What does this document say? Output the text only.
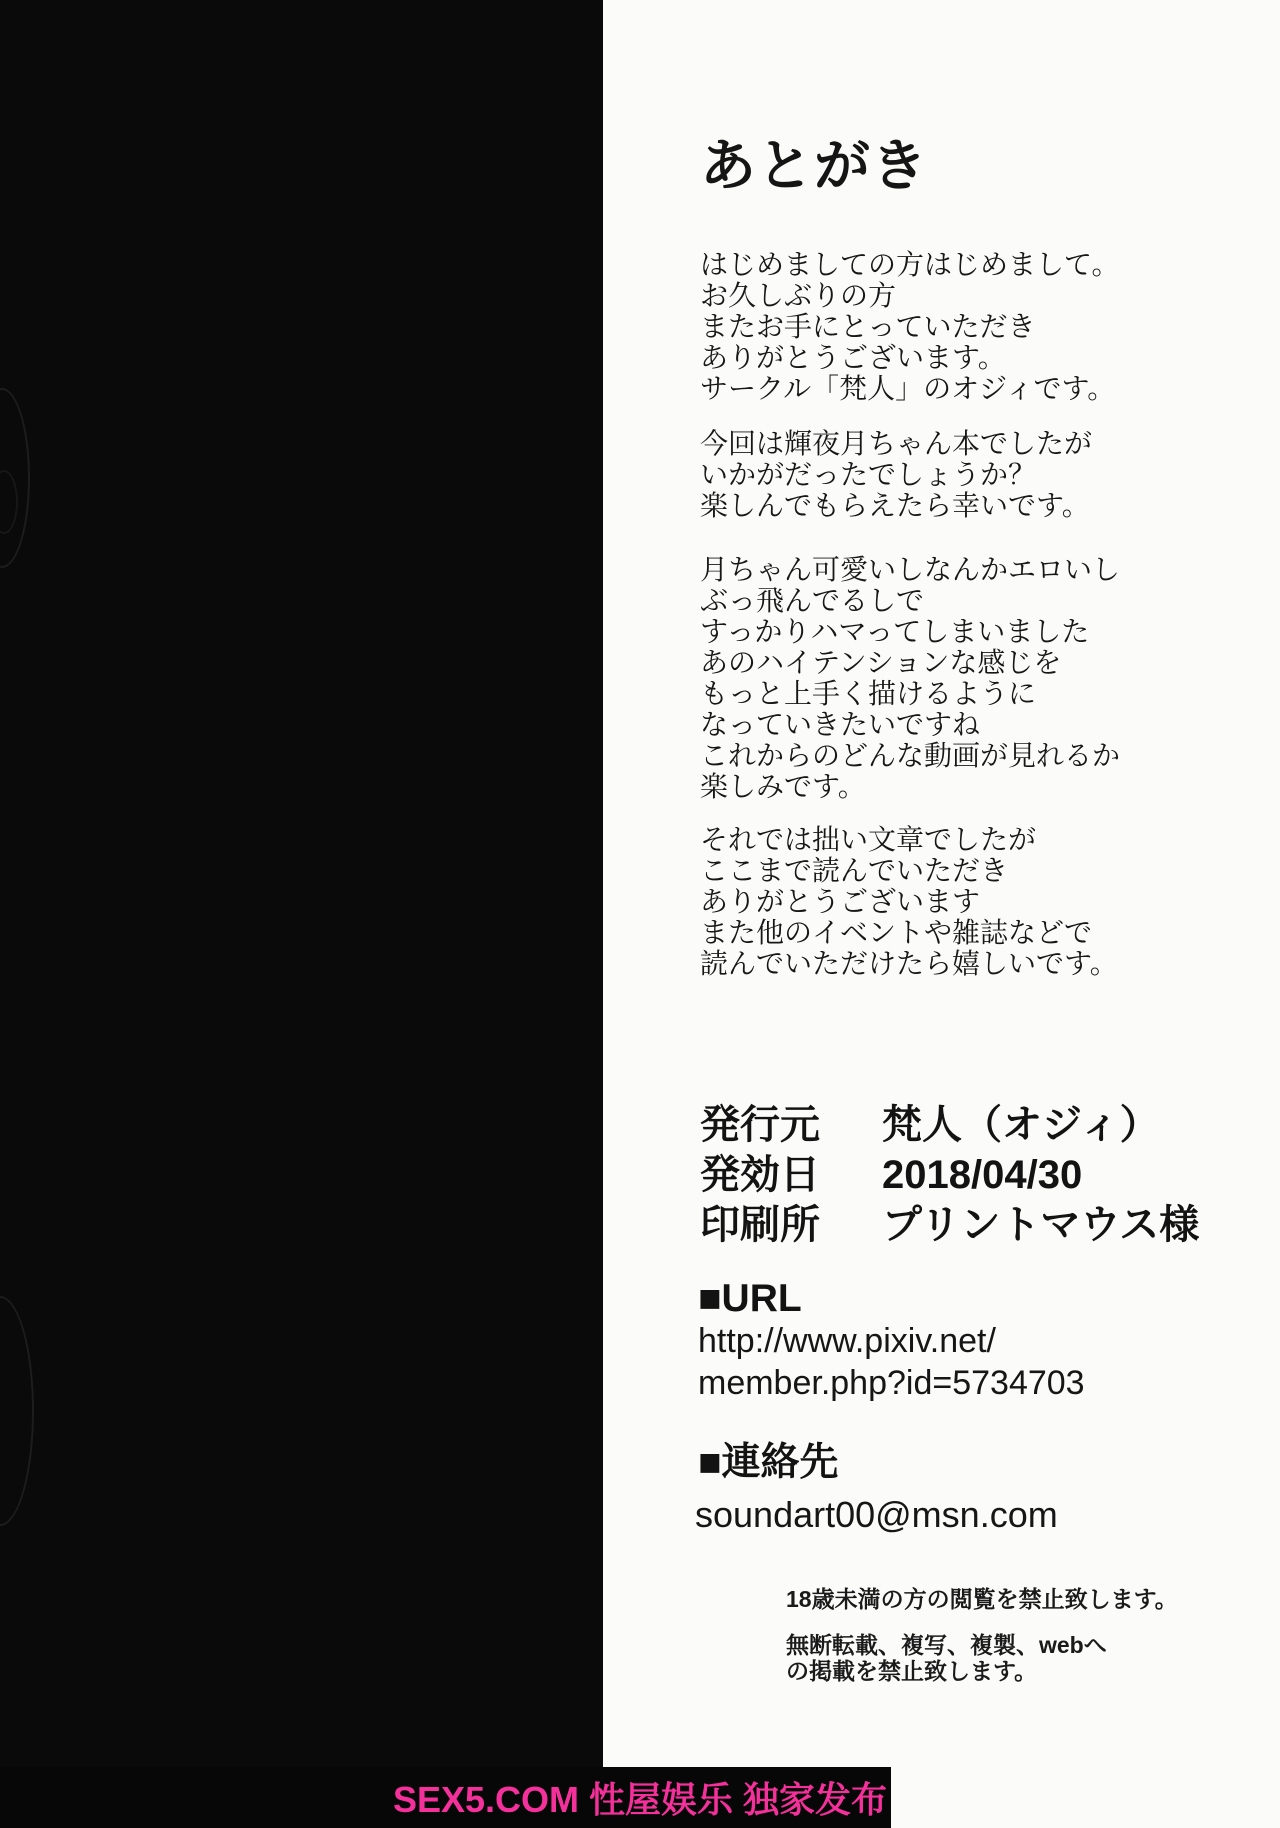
あとがき

はじめましての方はじめまして。
お久しぶりの方
またお手にとっていただき
ありがとうございます。
サークル「梵人」のオジィです。

今回は輝夜月ちゃん本でしたが
いかがだったでしょうか？
楽しんでもらえたら幸いです。

月ちゃん可愛いしなんかエロいし
ぶっ飛んでるしで
すっかりハマってしまいました
あのハイテンションな感じを
もっと上手く描けるように
なっていきたいですね
これからのどんな動画が見れるか
楽しみです。

それでは拙い文章でしたが
ここまで読んでいただき
ありがとうございます
また他のイベントや雑誌などで
読んでいただけたら嬉しいです。

発行元	梵人（オジィ）
発効日	2018/04/30
印刷所	プリントマウス様
■URL
http://www.pixiv.net/
member.php?id=5734703
■連絡先
soundart00@msn.com
18歳未満の方の閲覧を禁止致します。
無断転載、複写、複製、webへ
の掲載を禁止致します。
SEX5.COM 性屋娱乐 独家发布
